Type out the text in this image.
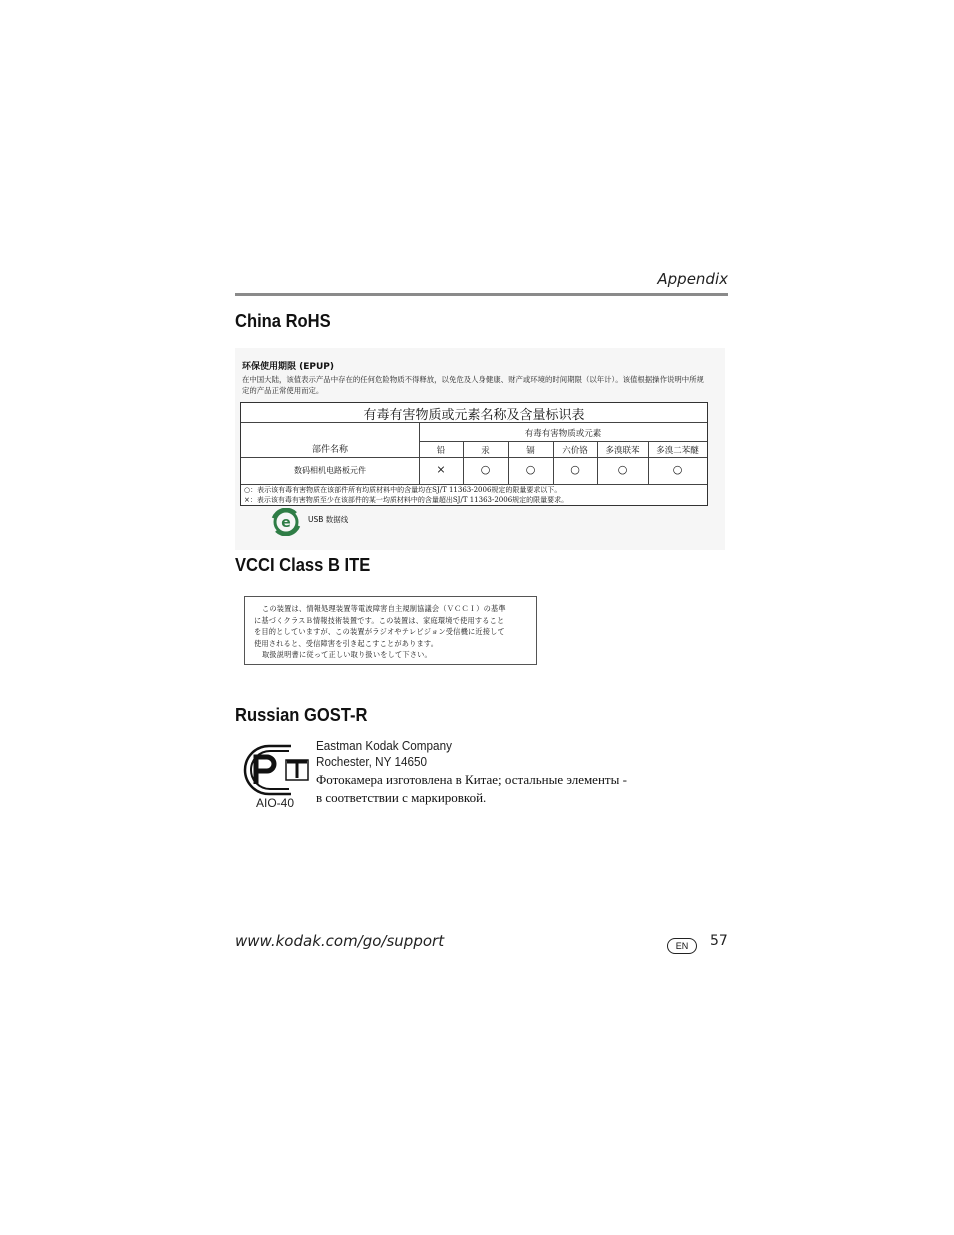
Appendix
China RoHS
环保使用期限 (EPUP)
在中国大陆，该值表示产品中存在的任何危险物质不得释放，以免危及人身健康、财产或环境的时间期限（以年计）。该值根据操作说明中所规定的产品正常使用而定。
有毒有害物质或元素名称及含量标识表
部件名称
有毒有害物质或元素
铅	汞	镉	六价铬	多溴联苯	多溴二苯醚
数码相机电路板元件	×	○	○	○	○	○
○：表示该有毒有害物质在该部件所有均质材料中的含量均在SJ/T 11363-2006规定的限量要求以下。
×：表示该有毒有害物质至少在该部件的某一均质材料中的含量超出SJ/T 11363-2006规定的限量要求。
e USB 数据线
VCCI Class B ITE
この装置は、情報処理装置等電波障害自主規制協議会（ＶＣＣＩ）の基準
に基づくクラスＢ情報技術装置です。この装置は、家庭環境で使用すること
を目的としていますが、この装置がラジオやテレビジョン受信機に近接して
使用されると、受信障害を引き起こすことがあります。
取扱説明書に従って正しい取り扱いをして下さい。
Russian GOST-R
AIO-40
Eastman Kodak Company
Rochester, NY 14650
Фотокамера изготовлена в Китае; остальные элементы -
в соответствии с маркировкой.
www.kodak.com/go/support	EN	57
